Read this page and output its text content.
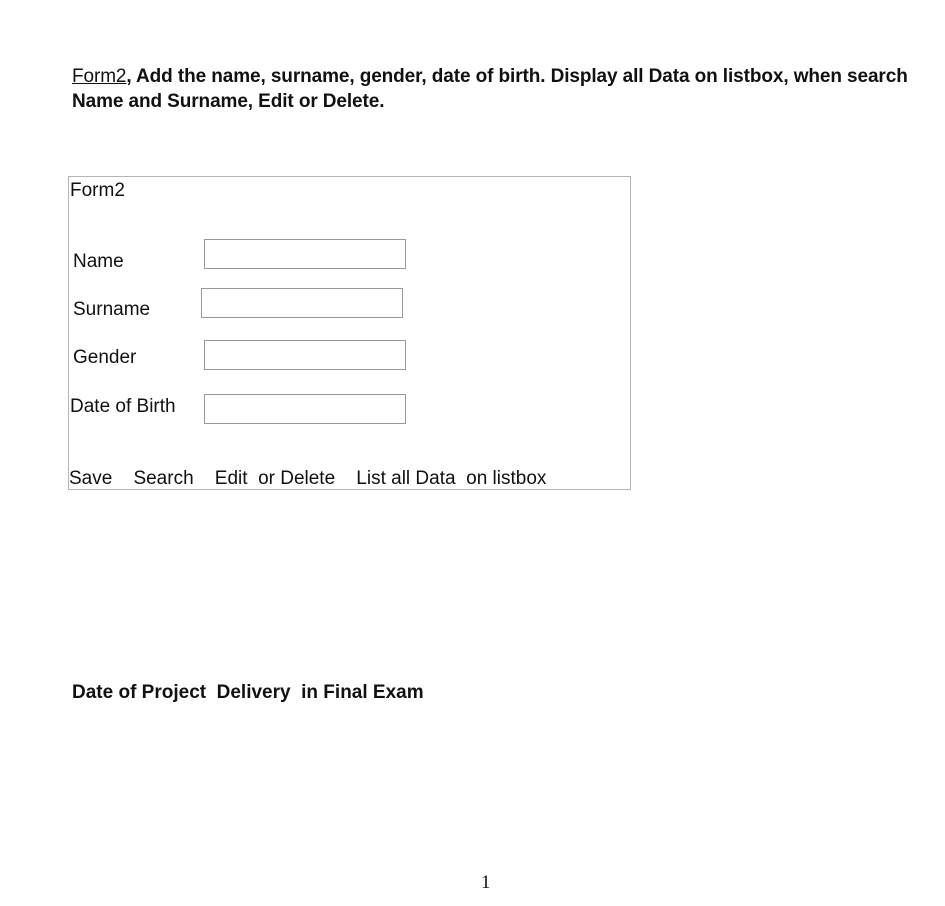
Form2, Add the name, surname, gender, date of birth. Display all Data on listbox, when search Name and Surname, Edit or Delete.
Form2
Name
Surname
Gender
Date of Birth
Save Search Edit  or Delete List all Data  on listbox
Date of Project  Delivery  in Final Exam
1
